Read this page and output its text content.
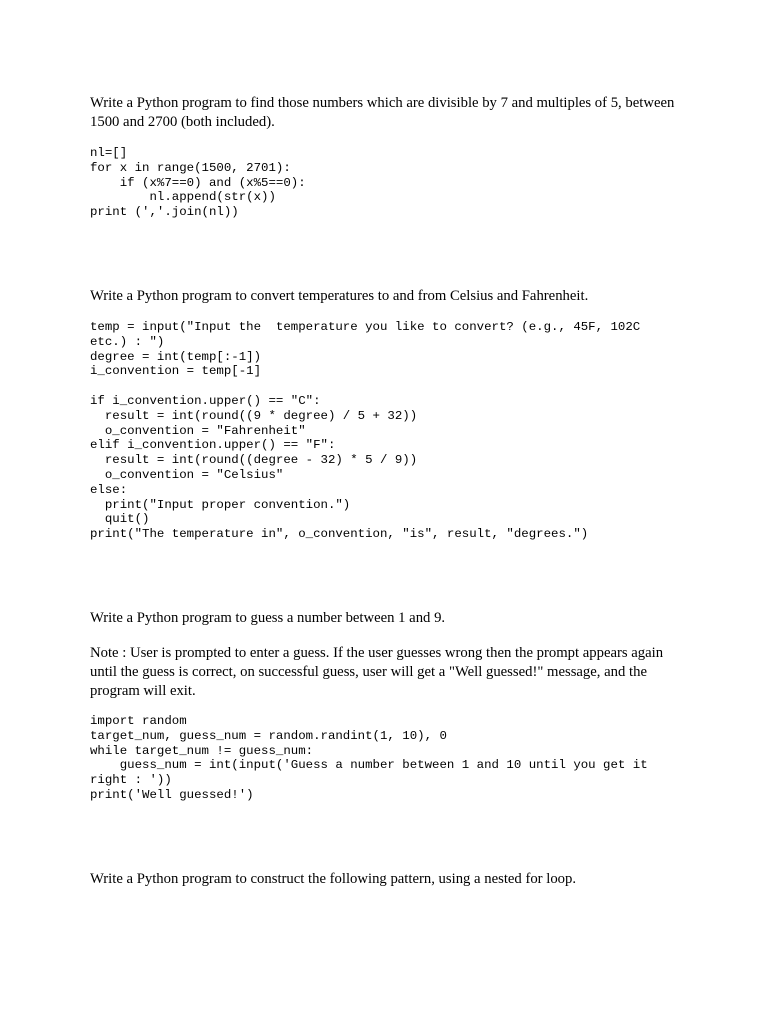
Write a Python program to find those numbers which are divisible by 7 and multiples of 5, between 1500 and 2700 (both included).

nl=[]
for x in range(1500, 2701):
if (x%7==0) and (x%5==0):
nl.append(str(x))
print (','.join(nl))

Write a Python program to convert temperatures to and from Celsius and Fahrenheit.

temp = input("Input the  temperature you like to convert? (e.g., 45F, 102C
etc.) : ")
degree = int(temp[:-1])
i_convention = temp[-1]

if i_convention.upper() == "C":
result = int(round((9 * degree) / 5 + 32))
o_convention = "Fahrenheit"
elif i_convention.upper() == "F":
result = int(round((degree - 32) * 5 / 9))
o_convention = "Celsius"
else:
print("Input proper convention.")
quit()
print("The temperature in", o_convention, "is", result, "degrees.")

Write a Python program to guess a number between 1 and 9.

Note : User is prompted to enter a guess. If the user guesses wrong then the prompt appears again until the guess is correct, on successful guess, user will get a "Well guessed!" message, and the program will exit.

import random
target_num, guess_num = random.randint(1, 10), 0
while target_num != guess_num:
guess_num = int(input('Guess a number between 1 and 10 until you get it
right : '))
print('Well guessed!')

Write a Python program to construct the following pattern, using a nested for loop.
